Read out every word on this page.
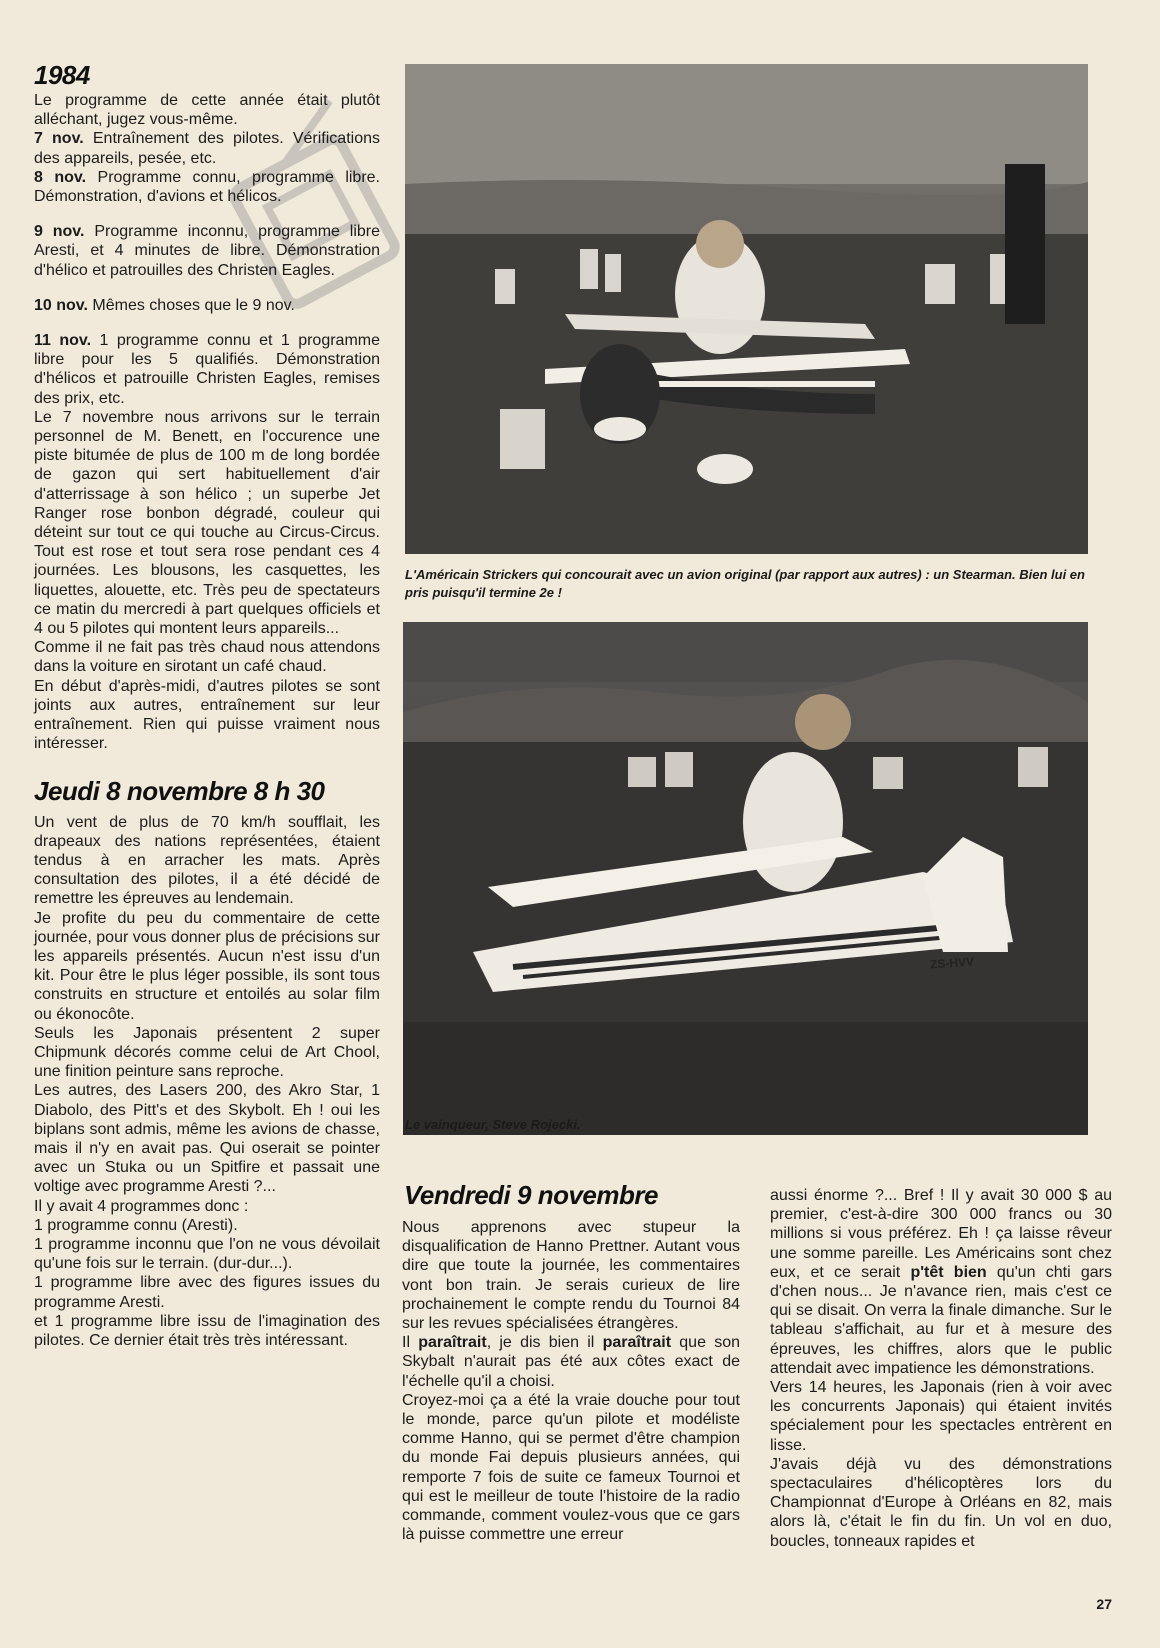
1984

Le programme de cette année était plutôt alléchant, jugez vous-même.

7 nov. Entraînement des pilotes. Vérifications des appareils, pesée, etc.

8 nov. Programme connu, programme libre. Démonstration, d'avions et hélicos.

9 nov. Programme inconnu, programme libre Aresti, et 4 minutes de libre. Démonstration d'hélico et patrouilles des Christen Eagles.

10 nov. Mêmes choses que le 9 nov.

11 nov. 1 programme connu et 1 programme libre pour les 5 qualifiés. Démonstration d'hélicos et patrouille Christen Eagles, remises des prix, etc.

Le 7 novembre nous arrivons sur le terrain personnel de M. Benett, en l'occurence une piste bitumée de plus de 100 m de long bordée de gazon qui sert habituellement d'air d'atterrissage à son hélico ; un superbe Jet Ranger rose bonbon dégradé, couleur qui déteint sur tout ce qui touche au Circus-Circus. Tout est rose et tout sera rose pendant ces 4 journées. Les blousons, les casquettes, les liquettes, alouette, etc. Très peu de spectateurs ce matin du mercredi à part quelques officiels et 4 ou 5 pilotes qui montent leurs appareils...

Comme il ne fait pas très chaud nous attendons dans la voiture en sirotant un café chaud.

En début d'après-midi, d'autres pilotes se sont joints aux autres, entraînement sur leur entraînement. Rien qui puisse vraiment nous intéresser.

Jeudi 8 novembre 8 h 30

Un vent de plus de 70 km/h soufflait, les drapeaux des nations représentées, étaient tendus à en arracher les mats. Après consultation des pilotes, il a été décidé de remettre les épreuves au lendemain.

Je profite du peu du commentaire de cette journée, pour vous donner plus de précisions sur les appareils présentés. Aucun n'est issu d'un kit. Pour être le plus léger possible, ils sont tous construits en structure et entoilés au solar film ou ékonocôte.

Seuls les Japonais présentent 2 super Chipmunk décorés comme celui de Art Chool, une finition peinture sans reproche.

Les autres, des Lasers 200, des Akro Star, 1 Diabolo, des Pitt's et des Skybolt. Eh ! oui les biplans sont admis, même les avions de chasse, mais il n'y en avait pas. Qui oserait se pointer avec un Stuka ou un Spitfire et passait une voltige avec programme Aresti ?...

Il y avait 4 programmes donc :

1 programme connu (Aresti).

1 programme inconnu que l'on ne vous dévoilait qu'une fois sur le terrain. (dur-dur...).

1 programme libre avec des figures issues du programme Aresti.

et 1 programme libre issu de l'imagination des pilotes. Ce dernier était très très intéressant.

L'Américain Strickers qui concourait avec un avion original (par rapport aux autres) : un Stearman. Bien lui en pris puisqu'il termine 2e !
ZS-HVV
Le vainqueur, Steve Rojecki.
Vendredi 9 novembre

Nous apprenons avec stupeur la disqualification de Hanno Prettner. Autant vous dire que toute la journée, les commentaires vont bon train. Je serais curieux de lire prochainement le compte rendu du Tournoi 84 sur les revues spécialisées étrangères.

Il paraîtrait, je dis bien il paraîtrait que son Skybalt n'aurait pas été aux côtes exact de l'échelle qu'il a choisi.

Croyez-moi ça a été la vraie douche pour tout le monde, parce qu'un pilote et modéliste comme Hanno, qui se permet d'être champion du monde Fai depuis plusieurs années, qui remporte 7 fois de suite ce fameux Tournoi et qui est le meilleur de toute l'histoire de la radio commande, comment voulez-vous que ce gars là puisse commettre une erreur

aussi énorme ?... Bref ! Il y avait 30 000 $ au premier, c'est-à-dire 300 000 francs ou 30 millions si vous préférez. Eh ! ça laisse rêveur une somme pareille. Les Américains sont chez eux, et ce serait p'têt bien qu'un chti gars d'chen nous... Je n'avance rien, mais c'est ce qui se disait. On verra la finale dimanche. Sur le tableau s'affichait, au fur et à mesure des épreuves, les chiffres, alors que le public attendait avec impatience les démonstrations.

Vers 14 heures, les Japonais (rien à voir avec les concurrents Japonais) qui étaient invités spécialement pour les spectacles entrèrent en lisse.

J'avais déjà vu des démonstrations spectaculaires d'hélicoptères lors du Championnat d'Europe à Orléans en 82, mais alors là, c'était le fin du fin. Un vol en duo, boucles, tonneaux rapides et

27
